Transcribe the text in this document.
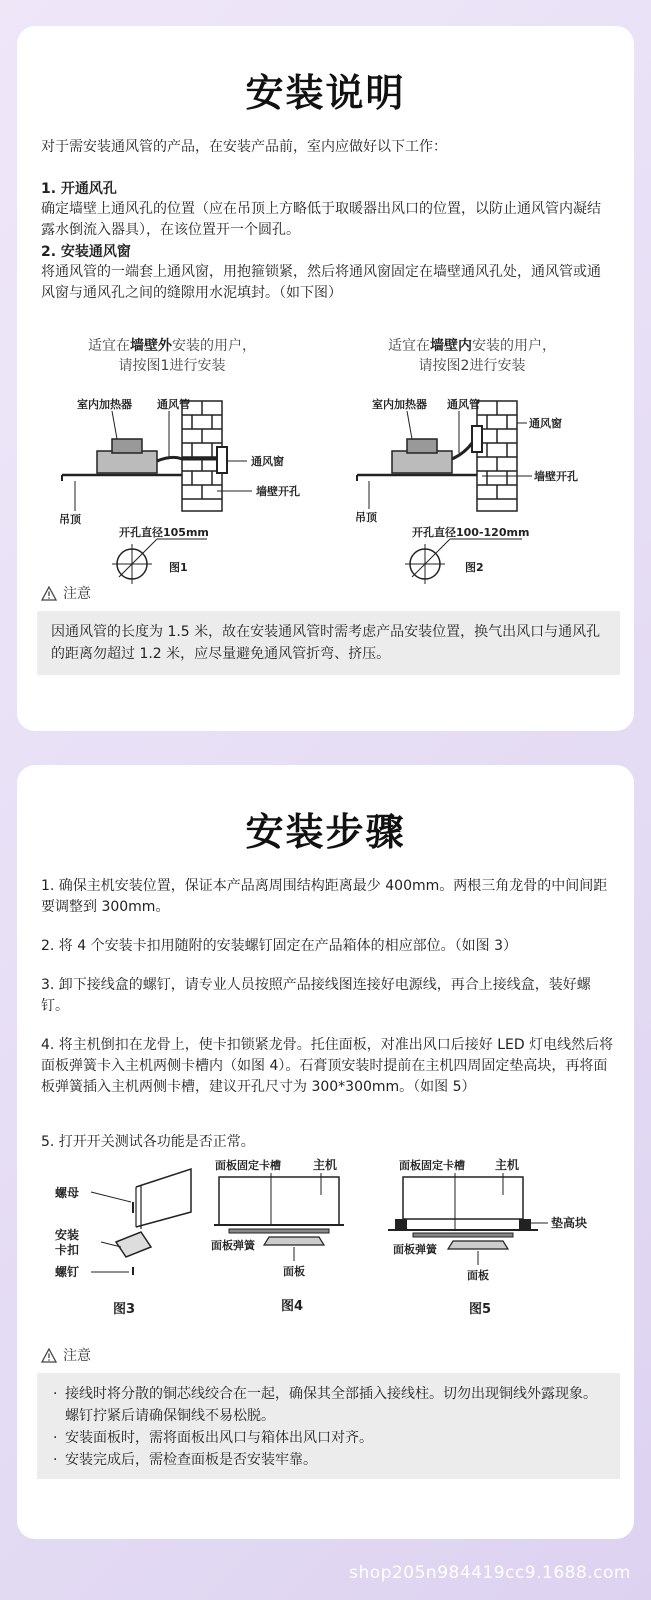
安装说明
对于需安装通风管的产品，在安装产品前，室内应做好以下工作：
1. 开通风孔
确定墙壁上通风孔的位置（应在吊顶上方略低于取暖器出风口的位置，以防止通风管内凝结露水倒流入器具），在该位置开一个圆孔。
2. 安装通风窗
将通风管的一端套上通风窗，用抱箍锁紧，然后将通风窗固定在墙壁通风孔处，通风管或通风窗与通风孔之间的缝隙用水泥填封。（如下图）
适宜在墙壁外安装的用户，
请按图1进行安装
适宜在墙壁内安装的用户，
请按图2进行安装
室内加热器 通风管
通风窗
墙壁开孔
吊顶
开孔直径105mm
图1
室内加热器 通风管
通风窗
墙壁开孔
吊顶
开孔直径100-120mm
图2
注意
因通风管的长度为 1.5 米，故在安装通风管时需考虑产品安装位置，换气出风口与通风孔的距离勿超过 1.2 米，应尽量避免通风管折弯、挤压。
安装步骤
1. 确保主机安装位置，保证本产品离周围结构距离最少 400mm。两根三角龙骨的中间间距要调整到 300mm。
2. 将 4 个安装卡扣用随附的安装螺钉固定在产品箱体的相应部位。（如图 3）
3. 卸下接线盒的螺钉，请专业人员按照产品接线图连接好电源线，再合上接线盒，装好螺钉。
4. 将主机倒扣在龙骨上，使卡扣锁紧龙骨。托住面板，对准出风口后接好 LED 灯电线然后将面板弹簧卡入主机两侧卡槽内（如图 4）。石膏顶安装时提前在主机四周固定垫高块，再将面板弹簧插入主机两侧卡槽，建议开孔尺寸为 300*300mm。（如图 5）
5. 打开开关测试各功能是否正常。
螺母
安装
卡扣
螺钉
图3
面板固定卡槽	主机
面板弹簧
面板
图4
面板固定卡槽	主机
垫高块
面板弹簧
面板
图5
注意
· 接线时将分散的铜芯线绞合在一起，确保其全部插入接线柱。切勿出现铜线外露现象。螺钉拧紧后请确保铜线不易松脱。
· 安装面板时，需将面板出风口与箱体出风口对齐。
· 安装完成后，需检查面板是否安装牢靠。
shop205n984419cc9.1688.com
